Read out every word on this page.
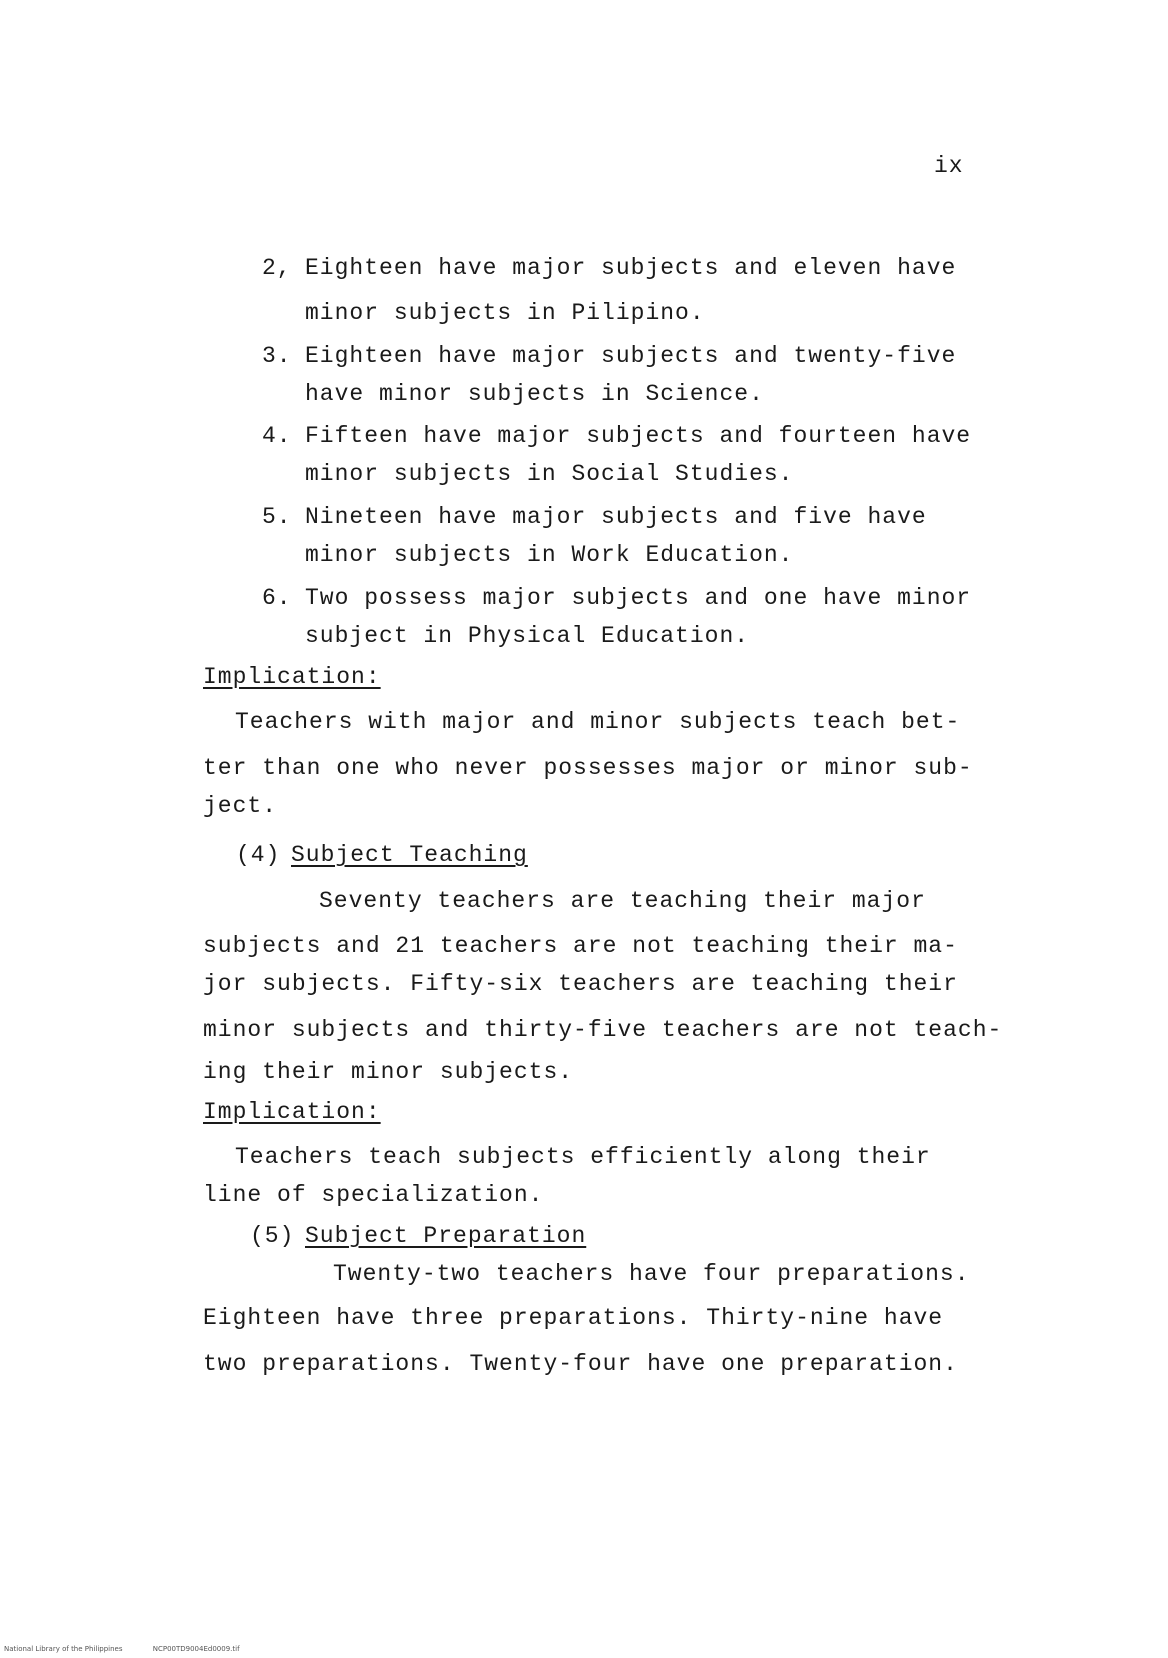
ix
2, Eighteen have major subjects and eleven have
minor subjects in Pilipino.
3. Eighteen have major subjects and twenty-five
have minor subjects in Science.
4. Fifteen have major subjects and fourteen have
minor subjects in Social Studies.
5. Nineteen have major subjects and five have
minor subjects in Work Education.
6. Two possess major subjects and one have minor
subject in Physical Education.
Implication:
Teachers with major and minor subjects teach bet-
ter than one who never possesses major or minor sub-
ject.
(4) Subject Teaching
Seventy teachers are teaching their major
subjects and 21 teachers are not teaching their ma-
jor subjects. Fifty-six teachers are teaching their
minor subjects and thirty-five teachers are not teach-
ing their minor subjects.
Implication:
Teachers teach subjects efficiently along their
line of specialization.
(5) Subject Preparation
Twenty-two teachers have four preparations.
Eighteen have three preparations. Thirty-nine have
two preparations. Twenty-four have one preparation.
National Library of the Philippines	NCP00TD9004Ed0009.tif
